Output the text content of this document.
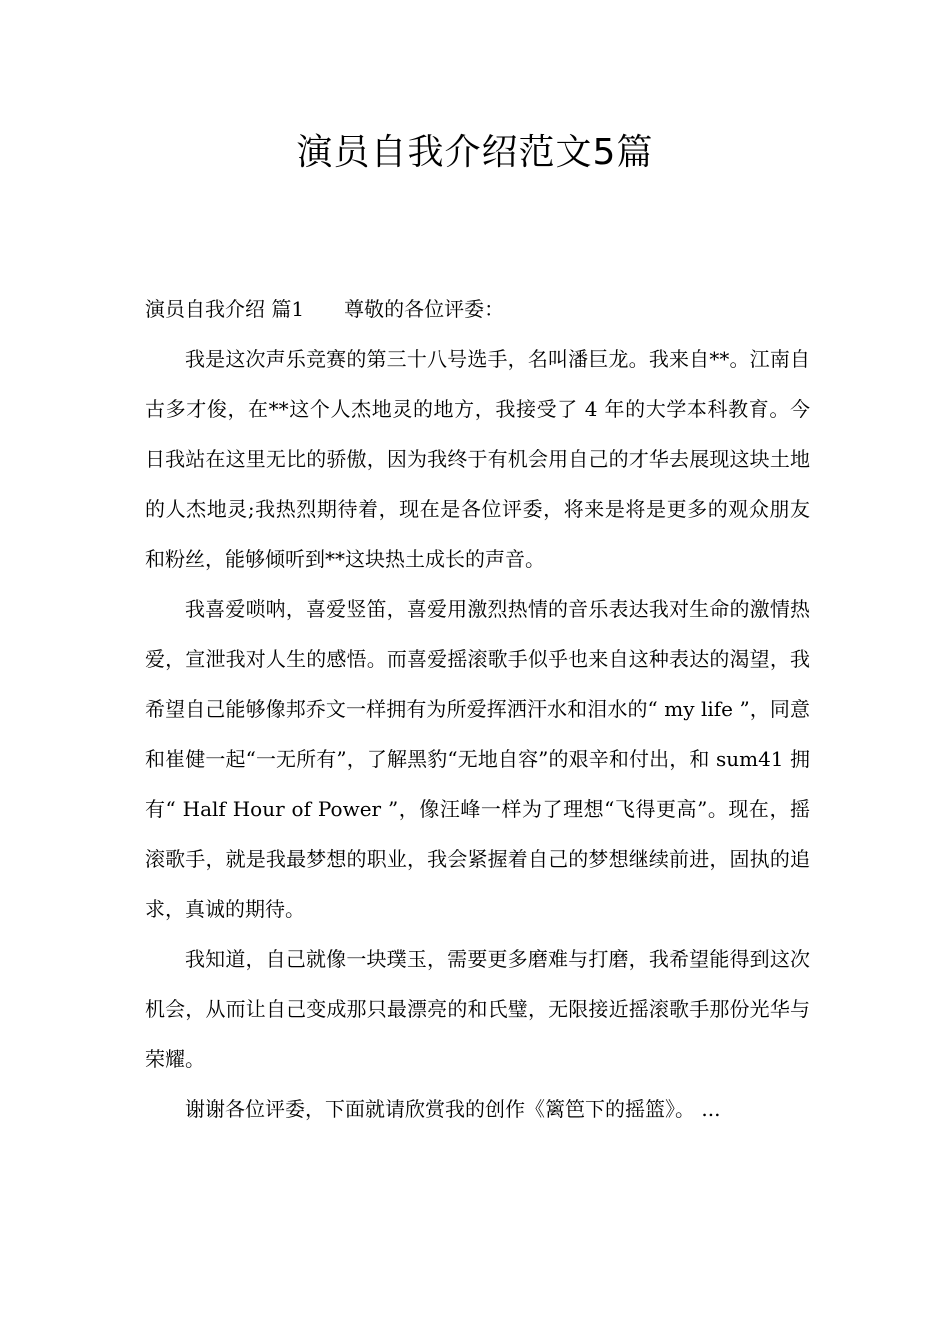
演员自我介绍范文5篇
演员自我介绍 篇1 尊敬的各位评委：

我是这次声乐竞赛的第三十八号选手，名叫潘巨龙。我来自**。江南自古多才俊，在**这个人杰地灵的地方，我接受了 4 年的大学本科教育。今日我站在这里无比的骄傲，因为我终于有机会用自己的才华去展现这块土地的人杰地灵;我热烈期待着，现在是各位评委，将来是将是更多的观众朋友和粉丝，能够倾听到**这块热土成长的声音。

我喜爱唢呐，喜爱竖笛，喜爱用激烈热情的音乐表达我对生命的激情热爱，宣泄我对人生的感悟。而喜爱摇滚歌手似乎也来自这种表达的渴望，我希望自己能够像邦乔文一样拥有为所爱挥洒汗水和泪水的“ my life ”，同意和崔健一起“一无所有”，了解黑豹“无地自容”的艰辛和付出，和 sum41 拥有“ Half Hour of Power ”，像汪峰一样为了理想“飞得更高”。现在，摇滚歌手，就是我最梦想的职业，我会紧握着自己的梦想继续前进，固执的追求，真诚的期待。

我知道，自己就像一块璞玉，需要更多磨难与打磨，我希望能得到这次机会，从而让自己变成那只最漂亮的和氏璧，无限接近摇滚歌手那份光华与荣耀。

谢谢各位评委，下面就请欣赏我的创作《篱笆下的摇篮》。 ...
